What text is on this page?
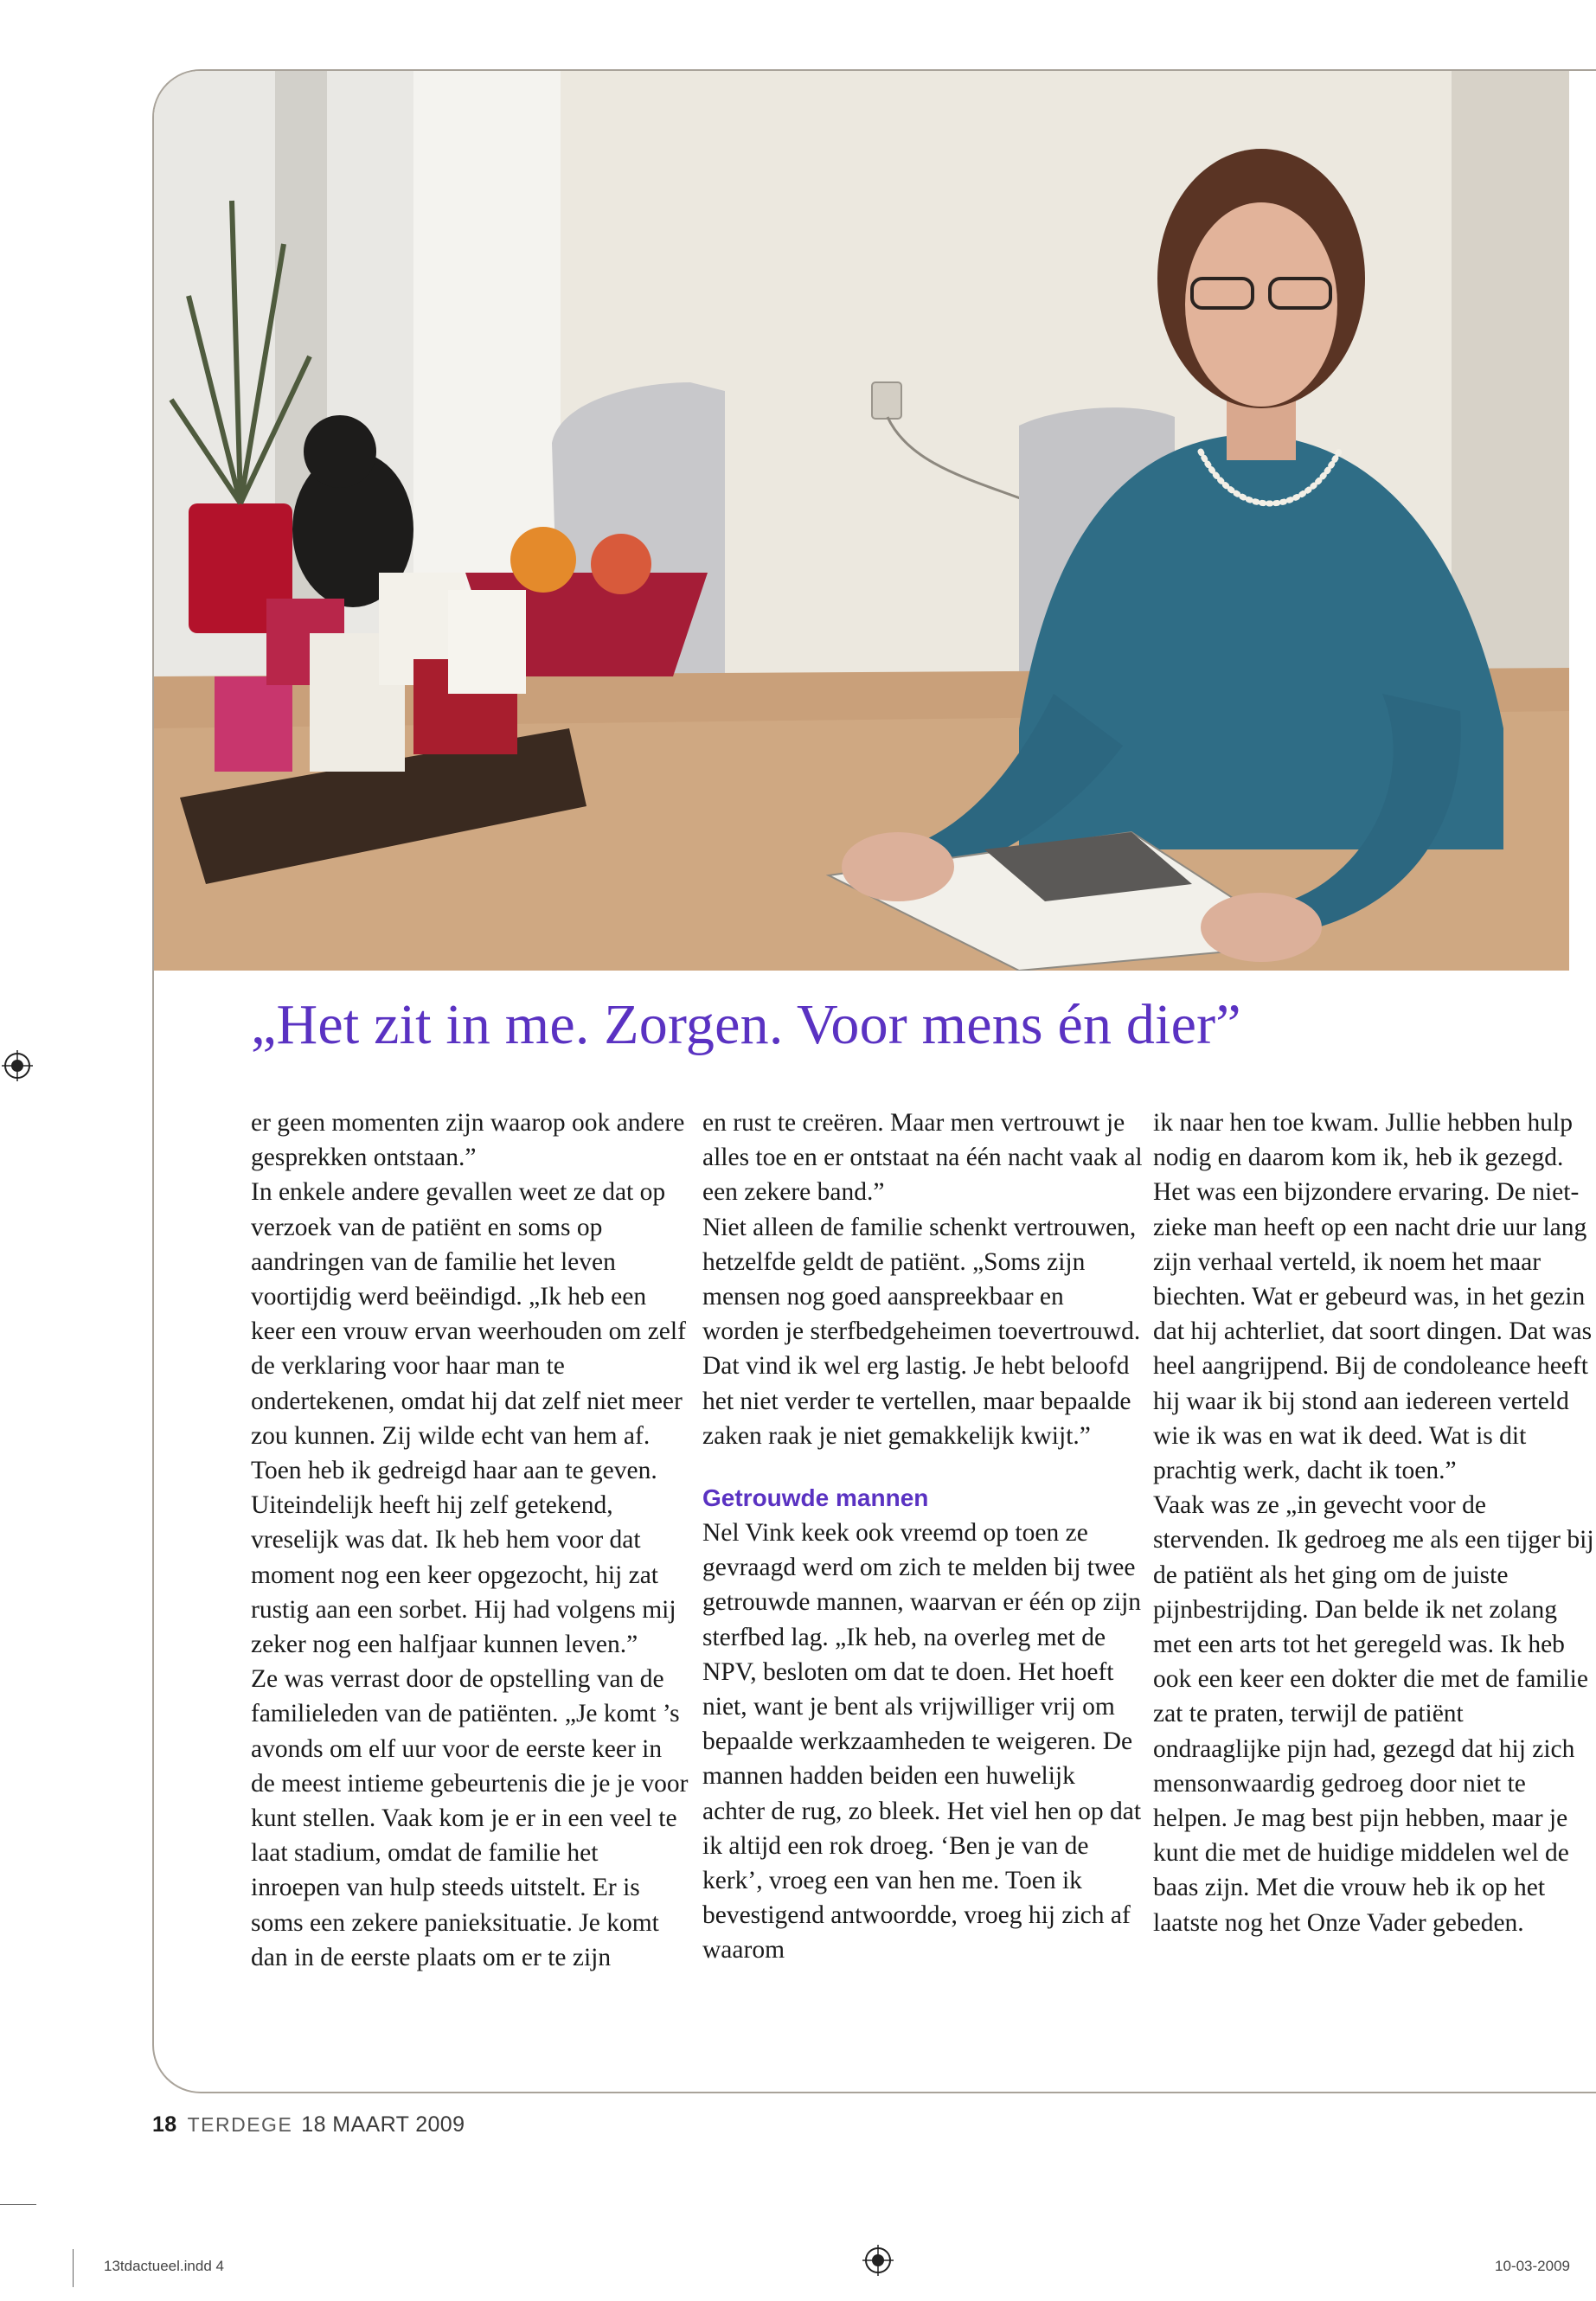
„Het zit in me. Zorgen. Voor mens én dier”

er geen momenten zijn waarop ook andere gesprekken ontstaan.”

In enkele andere gevallen weet ze dat op verzoek van de patiënt en soms op aandringen van de familie het leven voortijdig werd beëindigd. „Ik heb een keer een vrouw ervan weerhouden om zelf de verklaring voor haar man te ondertekenen, omdat hij dat zelf niet meer zou kunnen. Zij wilde echt van hem af. Toen heb ik gedreigd haar aan te geven. Uiteindelijk heeft hij zelf getekend, vreselijk was dat. Ik heb hem voor dat moment nog een keer opgezocht, hij zat rustig aan een sorbet. Hij had volgens mij zeker nog een halfjaar kunnen leven.”

Ze was verrast door de opstelling van de familieleden van de patiënten. „Je komt ’s avonds om elf uur voor de eerste keer in de meest intieme gebeurtenis die je je voor kunt stellen. Vaak kom je er in een veel te laat stadium, omdat de familie het inroepen van hulp steeds uitstelt. Er is soms een zekere panieksituatie. Je komt dan in de eerste plaats om er te zijn

en rust te creëren. Maar men vertrouwt je alles toe en er ontstaat na één nacht vaak al een zekere band.”

Niet alleen de familie schenkt vertrouwen, hetzelfde geldt de patiënt. „Soms zijn mensen nog goed aanspreekbaar en worden je sterfbedgeheimen toevertrouwd. Dat vind ik wel erg lastig. Je hebt beloofd het niet verder te vertellen, maar bepaalde zaken raak je niet gemakkelijk kwijt.”

Getrouwde mannen

Nel Vink keek ook vreemd op toen ze gevraagd werd om zich te melden bij twee getrouwde mannen, waarvan er één op zijn sterfbed lag. „Ik heb, na overleg met de NPV, besloten om dat te doen. Het hoeft niet, want je bent als vrijwilliger vrij om bepaalde werkzaamheden te weigeren. De mannen hadden beiden een huwelijk achter de rug, zo bleek. Het viel hen op dat ik altijd een rok droeg. ‘Ben je van de kerk’, vroeg een van hen me. Toen ik bevestigend antwoordde, vroeg hij zich af waarom

ik naar hen toe kwam. Jullie hebben hulp nodig en daarom kom ik, heb ik gezegd. Het was een bijzondere ervaring. De niet-zieke man heeft op een nacht drie uur lang zijn verhaal verteld, ik noem het maar biechten. Wat er gebeurd was, in het gezin dat hij achterliet, dat soort dingen. Dat was heel aangrijpend. Bij de condoleance heeft hij waar ik bij stond aan iedereen verteld wie ik was en wat ik deed. Wat is dit prachtig werk, dacht ik toen.”

Vaak was ze „in gevecht voor de stervenden. Ik gedroeg me als een tijger bij de patiënt als het ging om de juiste pijnbestrijding. Dan belde ik net zolang met een arts tot het geregeld was. Ik heb ook een keer een dokter die met de familie zat te praten, terwijl de patiënt ondraaglijke pijn had, gezegd dat hij zich mensonwaardig gedroeg door niet te helpen. Je mag best pijn hebben, maar je kunt die met de huidige middelen wel de baas zijn. Met die vrouw heb ik op het laatste nog het Onze Vader gebeden.

18 TERDEGE 18 MAART 2009
13tdactueel.indd 4	10-03-2009
